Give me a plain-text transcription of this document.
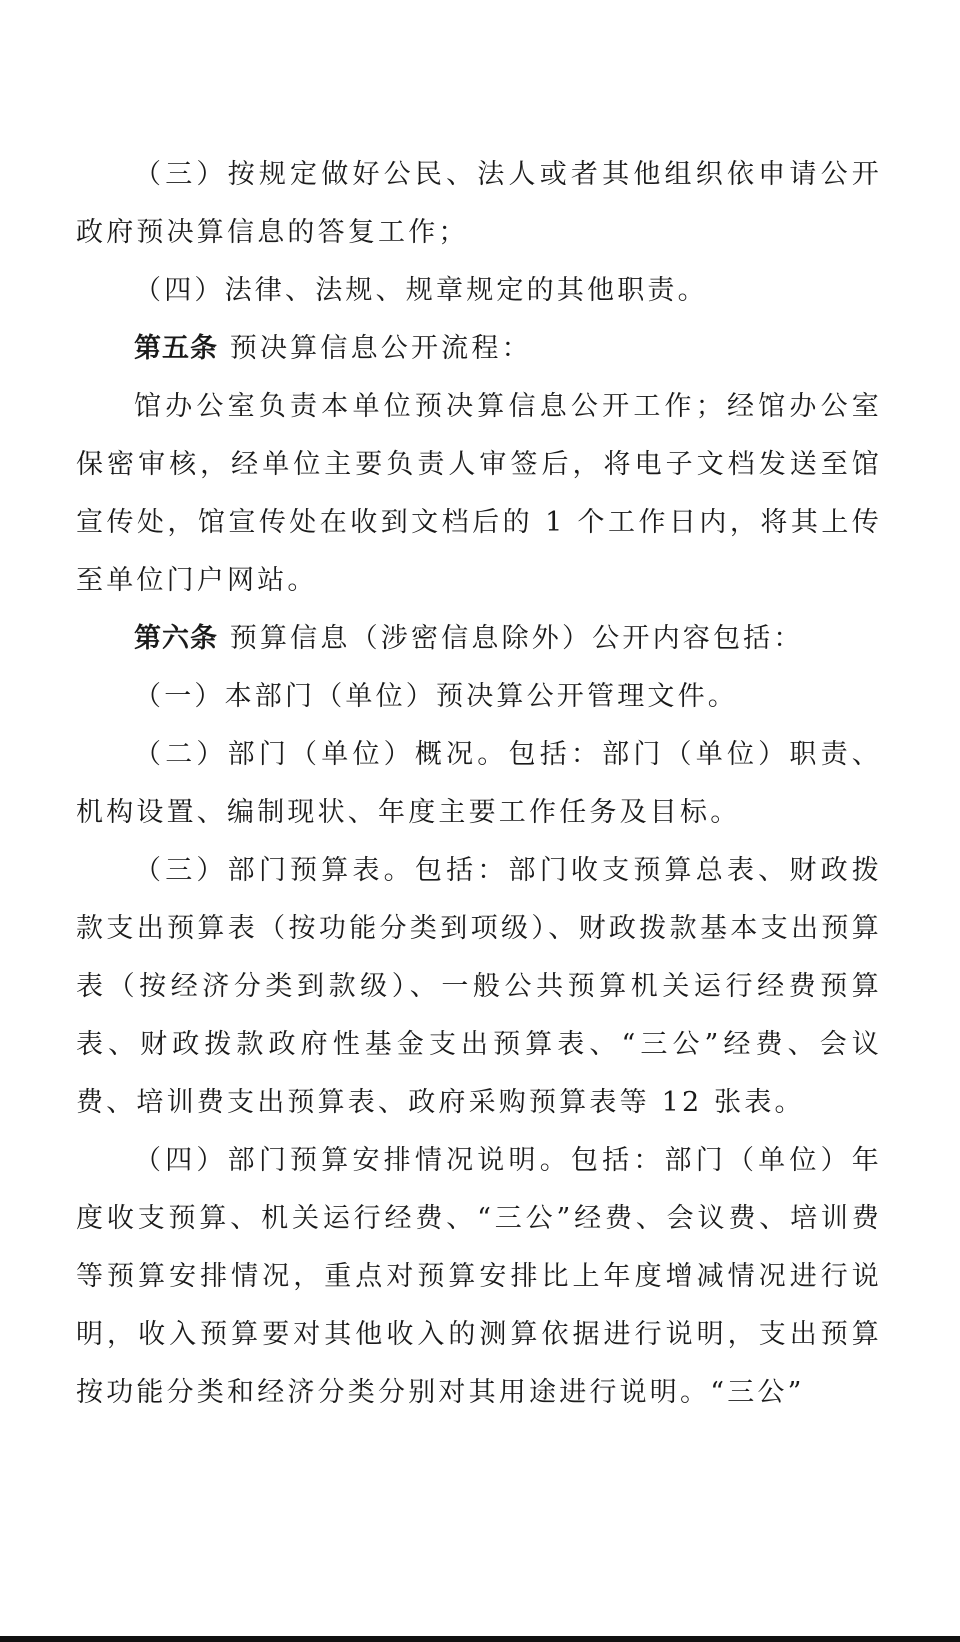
（三）按规定做好公民、法人或者其他组织依申请公开政府预决算信息的答复工作；

（四）法律、法规、规章规定的其他职责。

第五条 预决算信息公开流程：

馆办公室负责本单位预决算信息公开工作；经馆办公室保密审核，经单位主要负责人审签后，将电子文档发送至馆宣传处，馆宣传处在收到文档后的 1 个工作日内，将其上传至单位门户网站。

第六条 预算信息（涉密信息除外）公开内容包括：

（一）本部门（单位）预决算公开管理文件。

（二）部门（单位）概况。包括：部门（单位）职责、机构设置、编制现状、年度主要工作任务及目标。

（三）部门预算表。包括：部门收支预算总表、财政拨款支出预算表（按功能分类到项级）、财政拨款基本支出预算表（按经济分类到款级）、一般公共预算机关运行经费预算表、财政拨款政府性基金支出预算表、“三公”经费、会议费、培训费支出预算表、政府采购预算表等 12 张表。

（四）部门预算安排情况说明。包括：部门（单位）年度收支预算、机关运行经费、“三公”经费、会议费、培训费等预算安排情况，重点对预算安排比上年度增减情况进行说明，收入预算要对其他收入的测算依据进行说明，支出预算按功能分类和经济分类分别对其用途进行说明。“三公”
